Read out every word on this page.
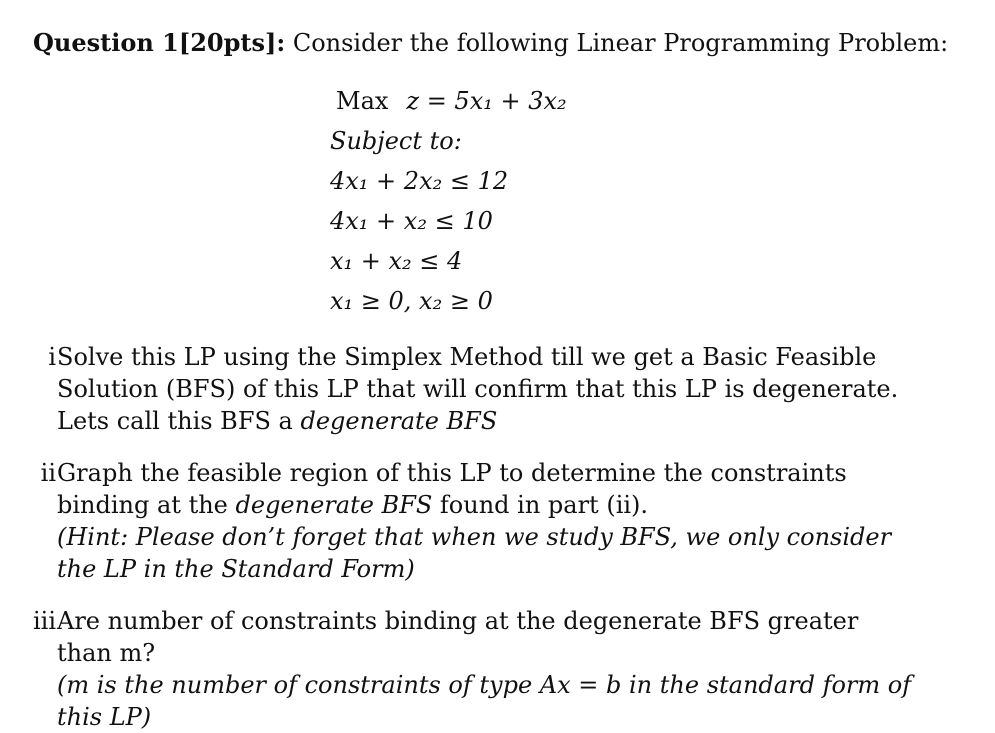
Question 1[20pts]: Consider the following Linear Programming Problem:
Max z = 5x₁ + 3x₂
Subject to:
4x₁ + 2x₂ ≤ 12
4x₁ + x₂ ≤ 10
x₁ + x₂ ≤ 4
x₁ ≥ 0, x₂ ≥ 0
i Solve this LP using the Simplex Method till we get a Basic Feasible Solution (BFS) of this LP that will confirm that this LP is degenerate. Lets call this BFS a degenerate BFS
ii Graph the feasible region of this LP to determine the constraints binding at the degenerate BFS found in part (ii).
(Hint: Please don’t forget that when we study BFS, we only consider the LP in the Standard Form)
iii Are number of constraints binding at the degenerate BFS greater than m?
(m is the number of constraints of type Ax = b in the standard form of this LP)
